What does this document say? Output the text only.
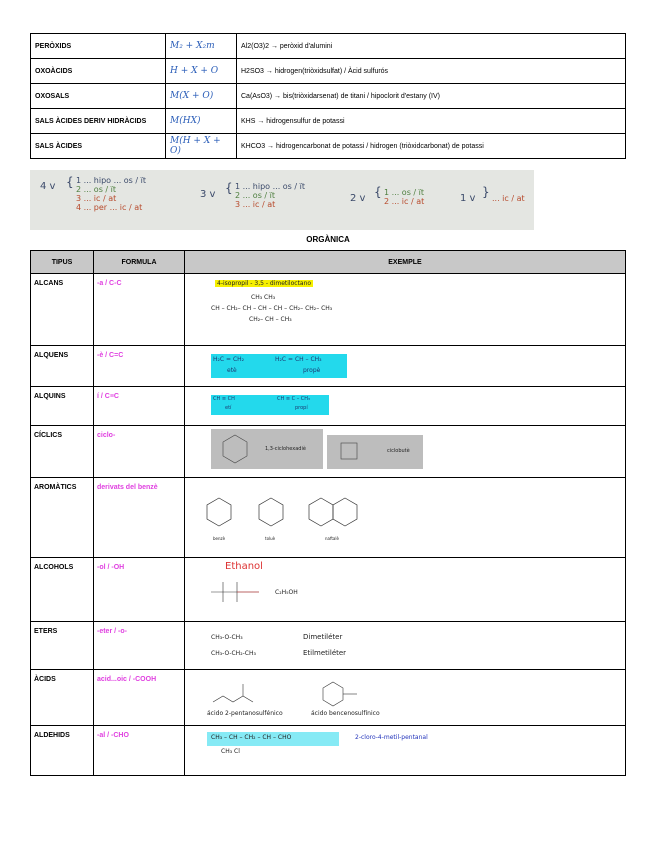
PERÒXIDS	M₂ + X₂m	Al2(O3)2 → peròxid d'alumini
OXOÀCIDS	H + X + O	H2SO3 → hidrogen(triòxidsulfat) / Àcid sulfurós
OXOSALS	M(X + O)	Ca(AsO3) → bis(triòxidarsenat) de titani / hipoclorit d'estany (IV)
SALS ÀCIDES DERIV HIDRÀCIDS	M(HX)	KHS → hidrogensulfur de potassi
SALS ÀCIDES	M(H + X + O)	KHCO3 → hidrogencarbonat de potassi / hidrogen (triòxidcarbonat) de potassi
4 v { 1 ... hipo ... os / ït
2 ... os / ït
3 ... ic / at
4 ... per ... ic / at
3 v { 1 ... hipo ... os / ït
2 ... os / ït
3 ... ic / at
2 v { 1 ... os / ït
2 ... ic / at	1 v } ... ic / at
ORGÀNICA
TIPUS	FORMULA	EXEMPLE
ALCANS	-a / C-C	4-isopropil - 3,5 - dimetiloctano
CH₃ CH₃
CH – CH₂– CH – CH – CH – CH₂– CH₂– CH₃
CH₂– CH – CH₃

ALQUENS	-è / C=C	H₂C = CH₂
etè
H₂C = CH – CH₃
propè

ALQUINS	í / C≡C	CH ≡ CH
etí
CH ≡ C – CH₃
propí

CÍCLICS	ciclo-	1,3-ciclohexadiè ciclobutè

AROMÀTICS	derivats del benzè	benzè toluè naftalè

ALCOHOLS	-ol / -OH	Ethanol
C₂H₅OH

ETERS	-eter / -o-	CH₃-O-CH₃ Dimetiléter
CH₃-O-CH₂-CH₃ Etilmetiléter

ÀCIDS	acid...oic / -COOH	ácido 2-pentanosulfénico ácido bencenosulfínico

ALDEHIDS	-al / -CHO	CH₃ – CH – CH₂ – CH – CHO
CH₃ Cl
2-cloro-4-metil-pentanal
